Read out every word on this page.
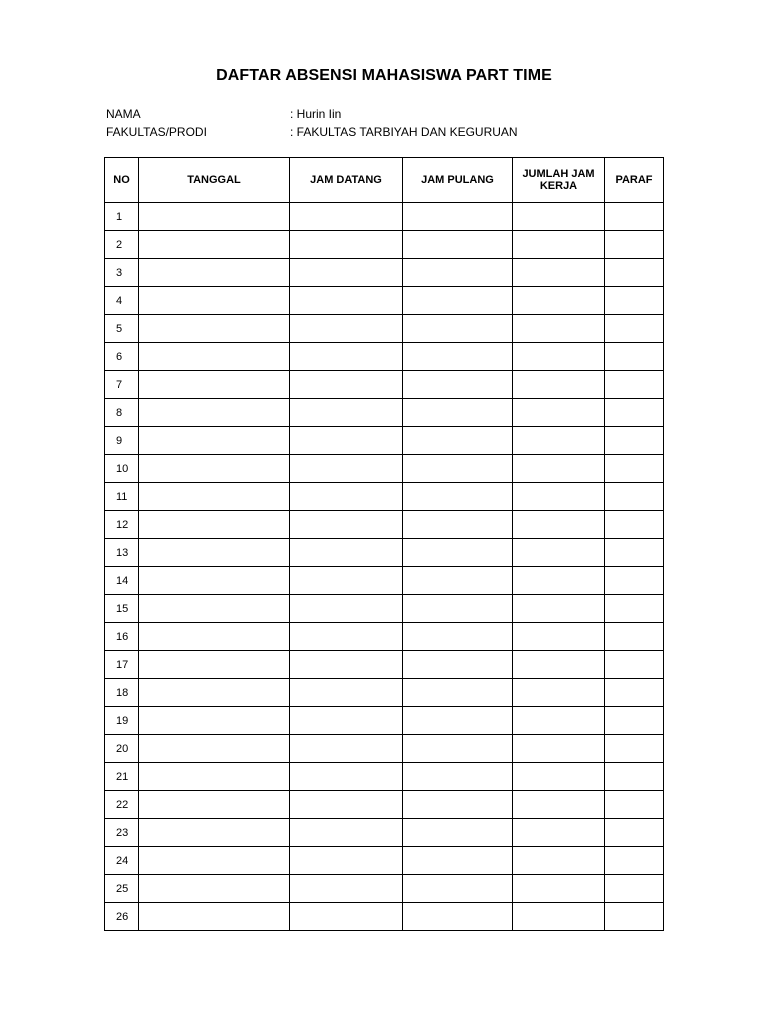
DAFTAR ABSENSI MAHASISWA PART TIME
NAMA	: Hurin Iin
FAKULTAS/PRODI	: FAKULTAS TARBIYAH DAN KEGURUAN
NO	TANGGAL	JAM DATANG	JAM PULANG	JUMLAH JAM KERJA	PARAF
1					
2					
3					
4					
5					
6					
7					
8					
9					
10					
11					
12					
13					
14					
15					
16					
17					
18					
19					
20					
21					
22					
23					
24					
25					
26					
